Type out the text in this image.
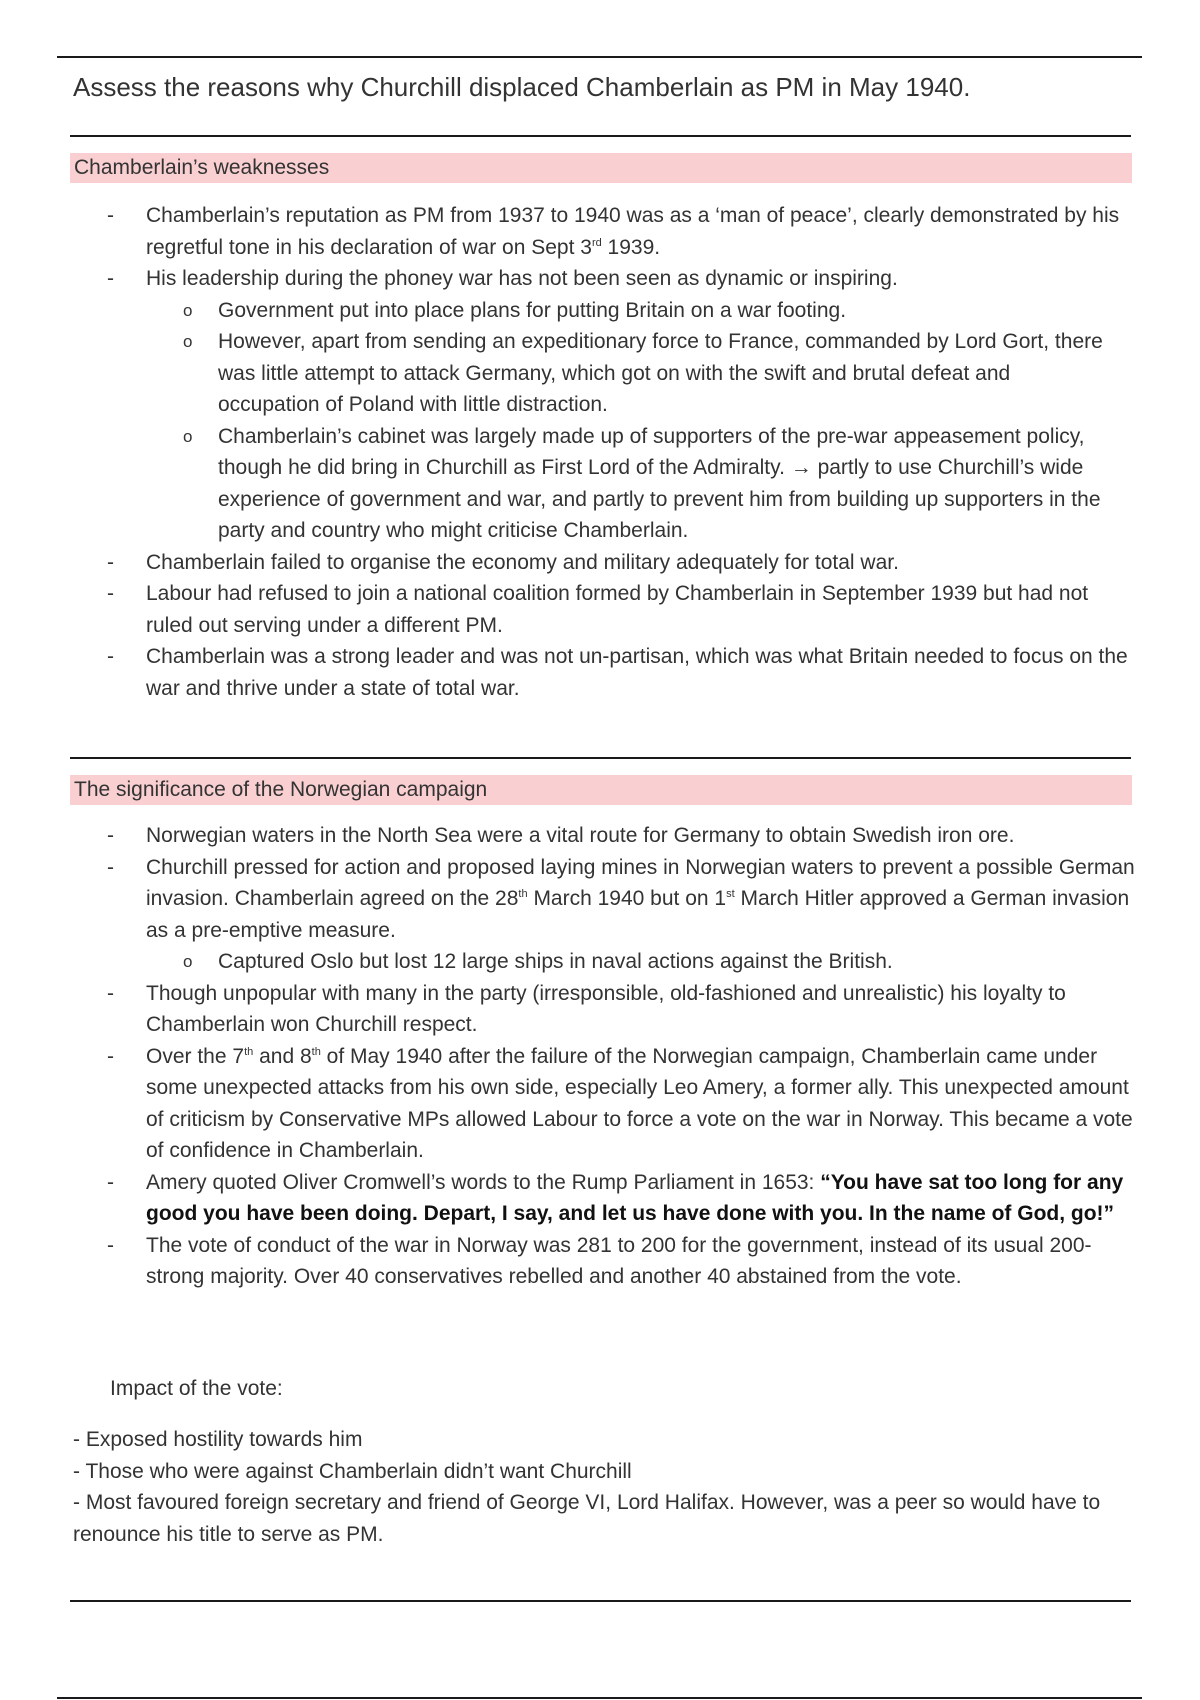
Assess the reasons why Churchill displaced Chamberlain as PM in May 1940.
Chamberlain’s weaknesses
- Chamberlain’s reputation as PM from 1937 to 1940 was as a ‘man of peace’, clearly demonstrated by his regretful tone in his declaration of war on Sept 3rd 1939.
- His leadership during the phoney war has not been seen as dynamic or inspiring.
o Government put into place plans for putting Britain on a war footing.
o However, apart from sending an expeditionary force to France, commanded by Lord Gort, there was little attempt to attack Germany, which got on with the swift and brutal defeat and occupation of Poland with little distraction.
o Chamberlain’s cabinet was largely made up of supporters of the pre-war appeasement policy, though he did bring in Churchill as First Lord of the Admiralty. → partly to use Churchill’s wide experience of government and war, and partly to prevent him from building up supporters in the party and country who might criticise Chamberlain.
- Chamberlain failed to organise the economy and military adequately for total war.
- Labour had refused to join a national coalition formed by Chamberlain in September 1939 but had not ruled out serving under a different PM.
- Chamberlain was a strong leader and was not un-partisan, which was what Britain needed to focus on the war and thrive under a state of total war.
The significance of the Norwegian campaign
- Norwegian waters in the North Sea were a vital route for Germany to obtain Swedish iron ore.
- Churchill pressed for action and proposed laying mines in Norwegian waters to prevent a possible German invasion. Chamberlain agreed on the 28th March 1940 but on 1st March Hitler approved a German invasion as a pre-emptive measure.
o Captured Oslo but lost 12 large ships in naval actions against the British.
- Though unpopular with many in the party (irresponsible, old-fashioned and unrealistic) his loyalty to Chamberlain won Churchill respect.
- Over the 7th and 8th of May 1940 after the failure of the Norwegian campaign, Chamberlain came under some unexpected attacks from his own side, especially Leo Amery, a former ally. This unexpected amount of criticism by Conservative MPs allowed Labour to force a vote on the war in Norway. This became a vote of confidence in Chamberlain.
- Amery quoted Oliver Cromwell’s words to the Rump Parliament in 1653: “You have sat too long for any good you have been doing. Depart, I say, and let us have done with you. In the name of God, go!”
- The vote of conduct of the war in Norway was 281 to 200 for the government, instead of its usual 200-strong majority. Over 40 conservatives rebelled and another 40 abstained from the vote.
Impact of the vote:
- Exposed hostility towards him
- Those who were against Chamberlain didn’t want Churchill
- Most favoured foreign secretary and friend of George VI, Lord Halifax. However, was a peer so would have to renounce his title to serve as PM.
